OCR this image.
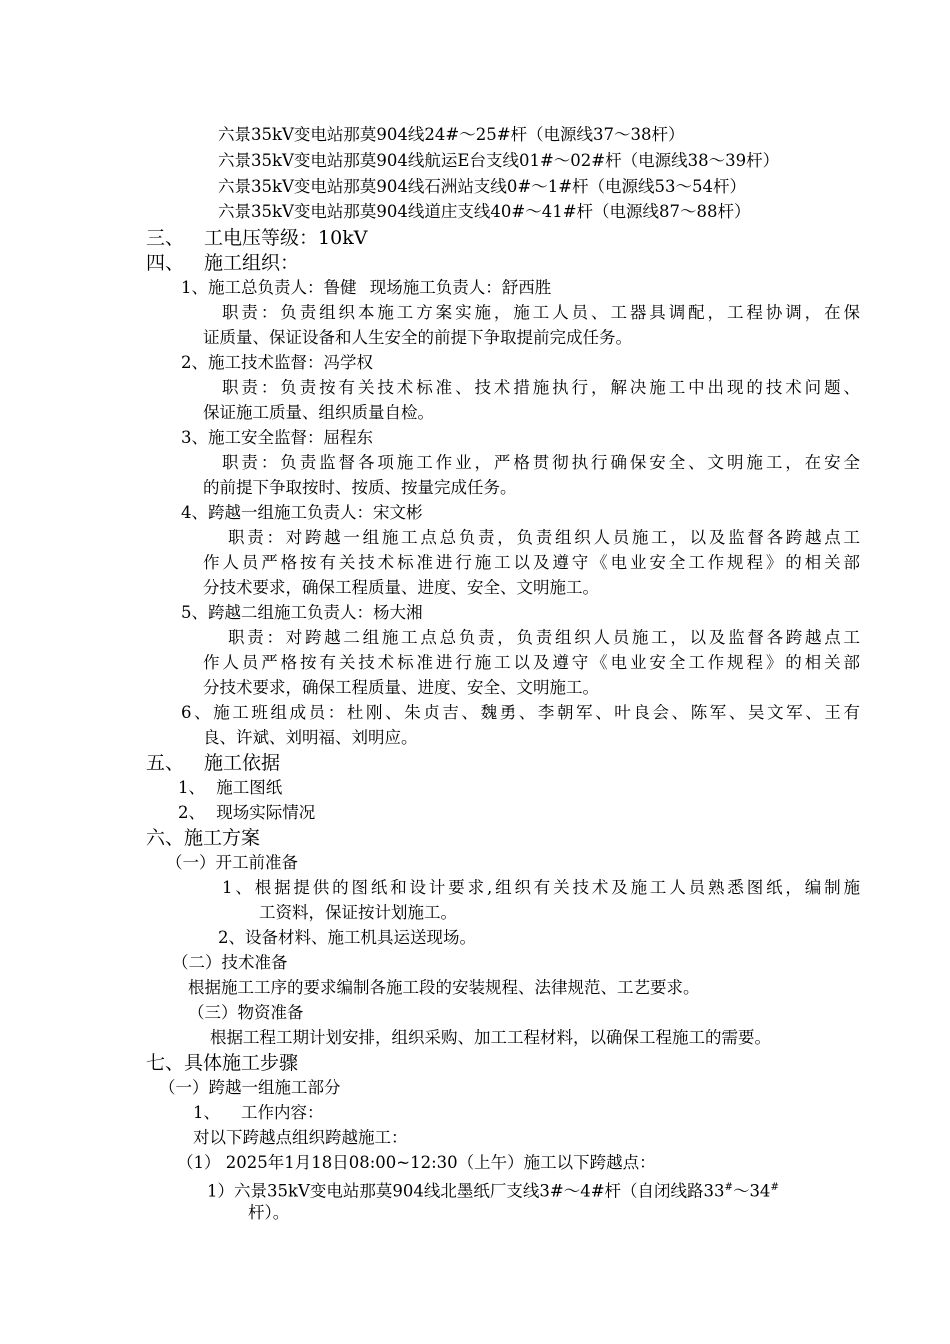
六景35kV变电站那莫904线24#～25#杆（电源线37～38杆）
六景35kV变电站那莫904线航运E台支线01#～02#杆（电源线38～39杆）
六景35kV变电站那莫904线石洲站支线0#～1#杆（电源线53～54杆）
六景35kV变电站那莫904线道庄支线40#～41#杆（电源线87～88杆）
三、 工电压等级：10kV
四、 施工组织：
1、施工总负责人：鲁健 现场施工负责人：舒西胜
职责：负责组织本施工方案实施，施工人员、工器具调配，工程协调，在保
证质量、保证设备和人生安全的前提下争取提前完成任务。
2、施工技术监督：冯学权
职责：负责按有关技术标准、技术措施执行，解决施工中出现的技术问题、
保证施工质量、组织质量自检。
3、施工安全监督：屈程东
职责：负责监督各项施工作业，严格贯彻执行确保安全、文明施工，在安全
的前提下争取按时、按质、按量完成任务。
4、跨越一组施工负责人：宋文彬
职责：对跨越一组施工点总负责，负责组织人员施工，以及监督各跨越点工
作人员严格按有关技术标准进行施工以及遵守《电业安全工作规程》的相关部
分技术要求，确保工程质量、进度、安全、文明施工。
5、跨越二组施工负责人：杨大湘
职责：对跨越二组施工点总负责，负责组织人员施工，以及监督各跨越点工
作人员严格按有关技术标准进行施工以及遵守《电业安全工作规程》的相关部
分技术要求，确保工程质量、进度、安全、文明施工。
6、施工班组成员：杜刚、朱贞吉、魏勇、李朝军、叶良会、陈军、吴文军、王有
良、许斌、刘明福、刘明应。
五、 施工依据
1、 施工图纸
2、 现场实际情况
六、施工方案
（一）开工前准备
1、根据提供的图纸和设计要求,组织有关技术及施工人员熟悉图纸，编制施
工资料，保证按计划施工。
2、设备材料、施工机具运送现场。
（二）技术准备
根据施工工序的要求编制各施工段的安装规程、法律规范、工艺要求。
（三）物资准备
根据工程工期计划安排，组织采购、加工工程材料，以确保工程施工的需要。
七、具体施工步骤
（一）跨越一组施工部分
1、    工作内容：
对以下跨越点组织跨越施工：
（1） 2025年1月18日08:00~12:30（上午）施工以下跨越点：
1）六景35kV变电站那莫904线北墨纸厂支线3#～4#杆（自闭线路33#～34#
杆）。
